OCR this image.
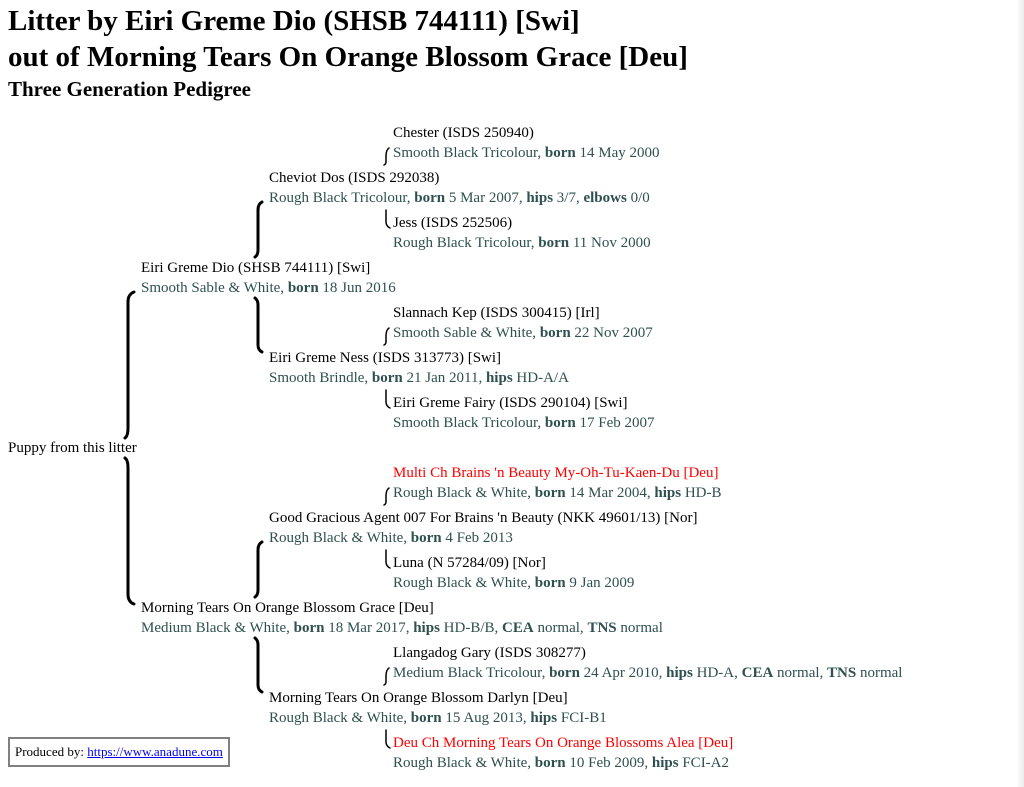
Litter by Eiri Greme Dio (SHSB 744111) [Swi]
out of Morning Tears On Orange Blossom Grace [Deu]
Three Generation Pedigree
Chester (ISDS 250940)
Smooth Black Tricolour, born 14 May 2000
Jess (ISDS 252506)
Rough Black Tricolour, born 11 Nov 2000
Slannach Kep (ISDS 300415) [Irl]
Smooth Sable & White, born 22 Nov 2007
Eiri Greme Fairy (ISDS 290104) [Swi]
Smooth Black Tricolour, born 17 Feb 2007
Cheviot Dos (ISDS 292038)
Rough Black Tricolour, born 5 Mar 2007, hips 3/7, elbows 0/0
Eiri Greme Ness (ISDS 313773) [Swi]
Smooth Brindle, born 21 Jan 2011, hips HD-A/A
Eiri Greme Dio (SHSB 744111) [Swi]
Smooth Sable & White, born 18 Jun 2016
Puppy from this litter
Multi Ch Brains 'n Beauty My-Oh-Tu-Kaen-Du [Deu]
Rough Black & White, born 14 Mar 2004, hips HD-B
Luna (N 57284/09) [Nor]
Rough Black & White, born 9 Jan 2009
Llangadog Gary (ISDS 308277)
Medium Black Tricolour, born 24 Apr 2010, hips HD-A, CEA normal, TNS normal
Deu Ch Morning Tears On Orange Blossoms Alea [Deu]
Rough Black & White, born 10 Feb 2009, hips FCI-A2
Good Gracious Agent 007 For Brains 'n Beauty (NKK 49601/13) [Nor]
Rough Black & White, born 4 Feb 2013
Morning Tears On Orange Blossom Darlyn [Deu]
Rough Black & White, born 15 Aug 2013, hips FCI-B1
Morning Tears On Orange Blossom Grace [Deu]
Medium Black & White, born 18 Mar 2017, hips HD-B/B, CEA normal, TNS normal
Produced by: https://www.anadune.com
